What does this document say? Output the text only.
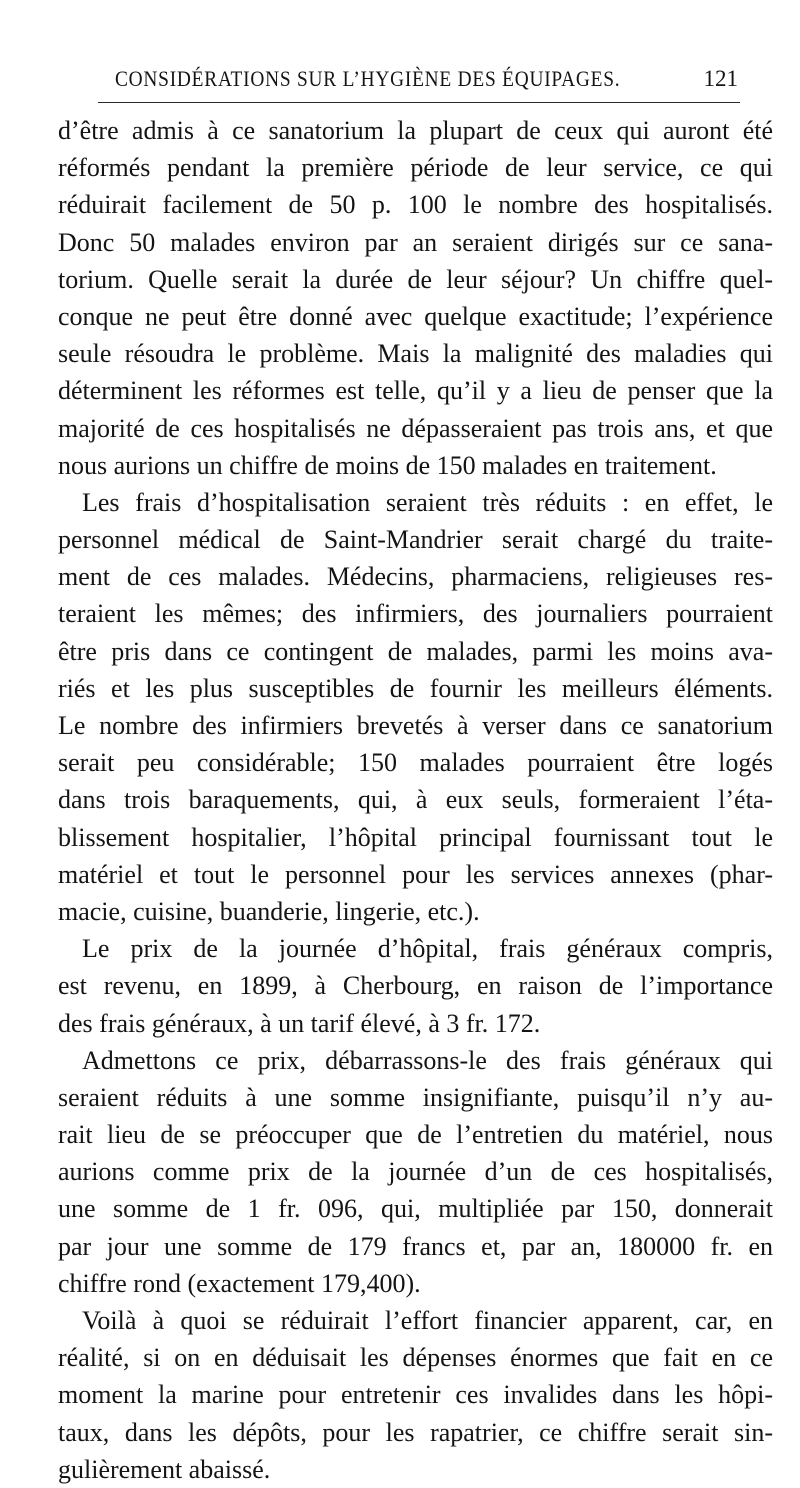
CONSIDÉRATIONS SUR L’HYGIÈNE DES ÉQUIPAGES.	121

d’être admis à ce sanatorium la plupart de ceux qui auront été
réformés pendant la première période de leur service, ce qui
réduirait facilement de 50 p. 100 le nombre des hospitalisés.
Donc 50 malades environ par an seraient dirigés sur ce sana-
torium. Quelle serait la durée de leur séjour? Un chiffre quel-
conque ne peut être donné avec quelque exactitude; l’expérience
seule résoudra le problème. Mais la malignité des maladies qui
déterminent les réformes est telle, qu’il y a lieu de penser que la
majorité de ces hospitalisés ne dépasseraient pas trois ans, et que
nous aurions un chiffre de moins de 150 malades en traitement.

Les frais d’hospitalisation seraient très réduits : en effet, le
personnel médical de Saint-Mandrier serait chargé du traite-
ment de ces malades. Médecins, pharmaciens, religieuses res-
teraient les mêmes; des infirmiers, des journaliers pourraient
être pris dans ce contingent de malades, parmi les moins ava-
riés et les plus susceptibles de fournir les meilleurs éléments.
Le nombre des infirmiers brevetés à verser dans ce sanatorium
serait peu considérable; 150 malades pourraient être logés
dans trois baraquements, qui, à eux seuls, formeraient l’éta-
blissement hospitalier, l’hôpital principal fournissant tout le
matériel et tout le personnel pour les services annexes (phar-
macie, cuisine, buanderie, lingerie, etc.).

Le prix de la journée d’hôpital, frais généraux compris,
est revenu, en 1899, à Cherbourg, en raison de l’importance
des frais généraux, à un tarif élevé, à 3 fr. 172.

Admettons ce prix, débarrassons-le des frais généraux qui
seraient réduits à une somme insignifiante, puisqu’il n’y au-
rait lieu de se préoccuper que de l’entretien du matériel, nous
aurions comme prix de la journée d’un de ces hospitalisés,
une somme de 1 fr. 096, qui, multipliée par 150, donnerait
par jour une somme de 179 francs et, par an, 180000 fr. en
chiffre rond (exactement 179,400).

Voilà à quoi se réduirait l’effort financier apparent, car, en
réalité, si on en déduisait les dépenses énormes que fait en ce
moment la marine pour entretenir ces invalides dans les hôpi-
taux, dans les dépôts, pour les rapatrier, ce chiffre serait sin-
gulièrement abaissé.
